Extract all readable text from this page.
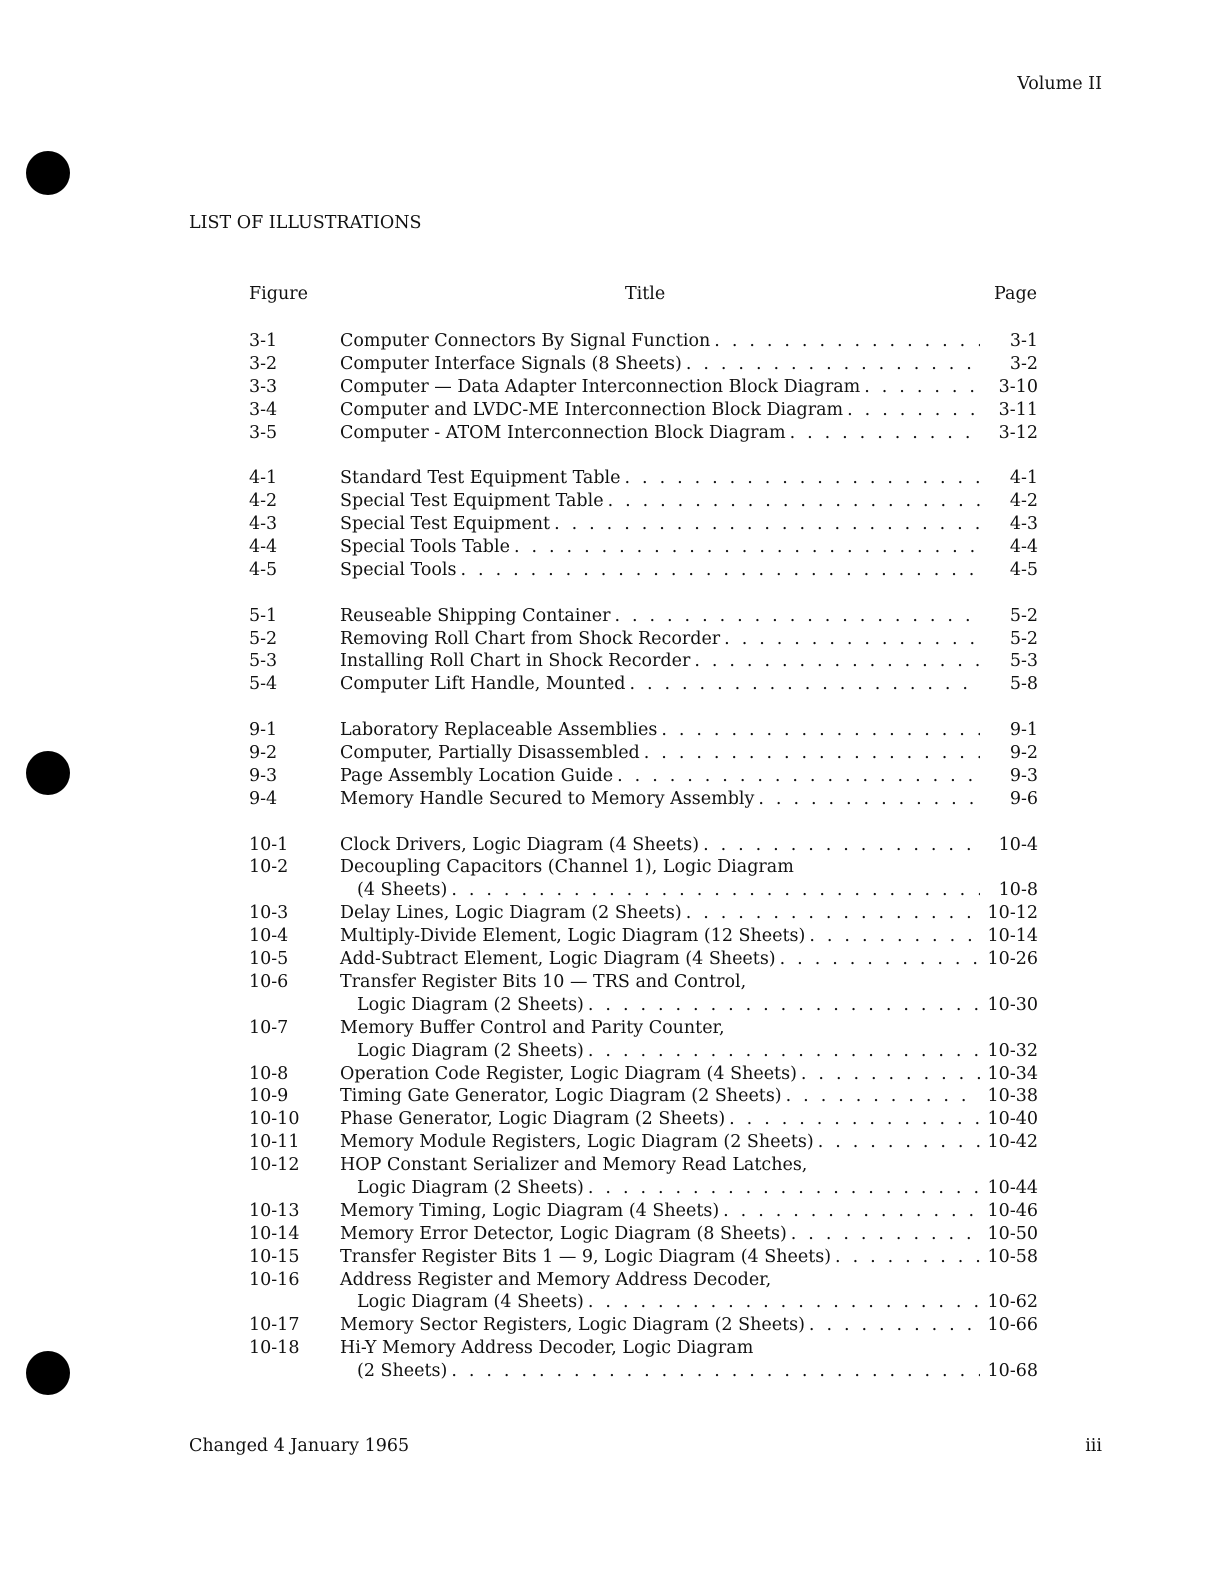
Volume II
LIST OF ILLUSTRATIONS
Figure	Title	Page
3-1	Computer Connectors By Signal Function . . .	3-1
3-2	Computer Interface Signals (8 Sheets) . . .	3-2
3-3	Computer — Data Adapter Interconnection Block Diagram . . .	3-10
3-4	Computer and LVDC-ME Interconnection Block Diagram . . .	3-11
3-5	Computer - ATOM Interconnection Block Diagram . . .	3-12
4-1	Standard Test Equipment Table . . .	4-1
4-2	Special Test Equipment Table . . .	4-2
4-3	Special Test Equipment . . .	4-3
4-4	Special Tools Table . . .	4-4
4-5	Special Tools . . .	4-5
5-1	Reuseable Shipping Container . . .	5-2
5-2	Removing Roll Chart from Shock Recorder . . .	5-2
5-3	Installing Roll Chart in Shock Recorder . . .	5-3
5-4	Computer Lift Handle, Mounted . . .	5-8
9-1	Laboratory Replaceable Assemblies . . .	9-1
9-2	Computer, Partially Disassembled . . .	9-2
9-3	Page Assembly Location Guide . . .	9-3
9-4	Memory Handle Secured to Memory Assembly . . .	9-6
10-1	Clock Drivers, Logic Diagram (4 Sheets) . . .	10-4
10-2	Decoupling Capacitors (Channel 1), Logic Diagram
(4 Sheets) . . .	10-8
10-3	Delay Lines, Logic Diagram (2 Sheets) . . .	10-12
10-4	Multiply-Divide Element, Logic Diagram (12 Sheets) . . .	10-14
10-5	Add-Subtract Element, Logic Diagram (4 Sheets) . . .	10-26
10-6	Transfer Register Bits 10 — TRS and Control,
Logic Diagram (2 Sheets) . . .	10-30
10-7	Memory Buffer Control and Parity Counter,
Logic Diagram (2 Sheets) . . .	10-32
10-8	Operation Code Register, Logic Diagram (4 Sheets) . . .	10-34
10-9	Timing Gate Generator, Logic Diagram (2 Sheets) . . .	10-38
10-10	Phase Generator, Logic Diagram (2 Sheets) . . .	10-40
10-11	Memory Module Registers, Logic Diagram (2 Sheets) . . .	10-42
10-12	HOP Constant Serializer and Memory Read Latches,
Logic Diagram (2 Sheets) . . .	10-44
10-13	Memory Timing, Logic Diagram (4 Sheets) . . .	10-46
10-14	Memory Error Detector, Logic Diagram (8 Sheets) . . .	10-50
10-15	Transfer Register Bits 1 — 9, Logic Diagram (4 Sheets) . . .	10-58
10-16	Address Register and Memory Address Decoder,
Logic Diagram (4 Sheets) . . .	10-62
10-17	Memory Sector Registers, Logic Diagram (2 Sheets) . . .	10-66
10-18	Hi-Y Memory Address Decoder, Logic Diagram
(2 Sheets) . . .	10-68
Changed 4 January 1965	iii
